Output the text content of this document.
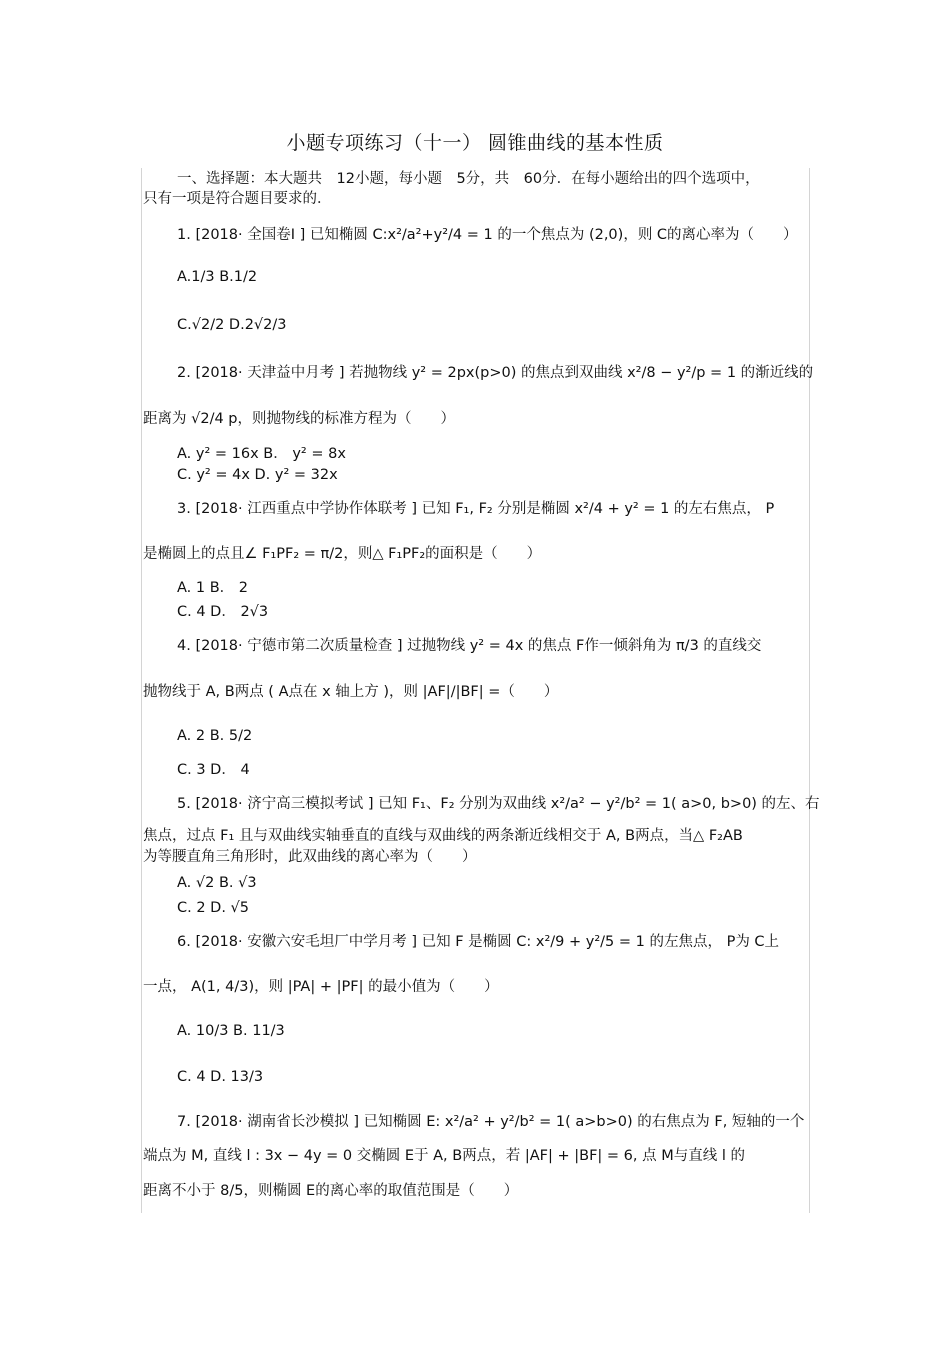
小题专项练习（十一） 圆锥曲线的基本性质
一、选择题：本大题共　12小题，每小题　5分，共　60分．在每小题给出的四个选项中，
只有一项是符合题目要求的．
1. [2018· 全国卷Ⅰ ] 已知椭圆 C:x²/a²+y²/4 = 1 的一个焦点为 (2,0)，则 C的离心率为（　　）
A.1/3 B.1/2
C.√2/2 D.2√2/3
2. [2018· 天津益中月考 ] 若抛物线 y² = 2px(p>0) 的焦点到双曲线 x²/8 − y²/p = 1 的渐近线的
距离为 √2/4 p，则抛物线的标准方程为（　　）
A. y² = 16x B． y² = 8x
C. y² = 4x D. y² = 32x
3. [2018· 江西重点中学协作体联考 ] 已知 F₁, F₂ 分别是椭圆 x²/4 + y² = 1 的左右焦点， P
是椭圆上的点且∠ F₁PF₂ = π/2，则△ F₁PF₂的面积是（　　）
A. 1 B． 2
C. 4 D． 2√3
4. [2018· 宁德市第二次质量检查 ] 过抛物线 y² = 4x 的焦点 F作一倾斜角为 π/3 的直线交
抛物线于 A, B两点 ( A点在 x 轴上方 )，则 |AF|/|BF| =（　　）
A. 2 B. 5/2
C. 3 D． 4
5. [2018· 济宁高三模拟考试 ] 已知 F₁、F₂ 分别为双曲线 x²/a² − y²/b² = 1( a>0, b>0) 的左、右
焦点，过点 F₁ 且与双曲线实轴垂直的直线与双曲线的两条渐近线相交于 A, B两点，当△ F₂AB
为等腰直角三角形时，此双曲线的离心率为（　　）
A. √2 B. √3
C. 2 D. √5
6. [2018· 安徽六安毛坦厂中学月考 ] 已知 F 是椭圆 C: x²/9 + y²/5 = 1 的左焦点， P为 C上
一点， A(1, 4/3)，则 |PA| + |PF| 的最小值为（　　）
A. 10/3 B. 11/3
C. 4 D. 13/3
7. [2018· 湖南省长沙模拟 ] 已知椭圆 E: x²/a² + y²/b² = 1( a>b>0) 的右焦点为 F, 短轴的一个
端点为 M, 直线 l : 3x − 4y = 0 交椭圆 E于 A, B两点，若 |AF| + |BF| = 6, 点 M与直线 l 的
距离不小于 8/5，则椭圆 E的离心率的取值范围是（　　）
